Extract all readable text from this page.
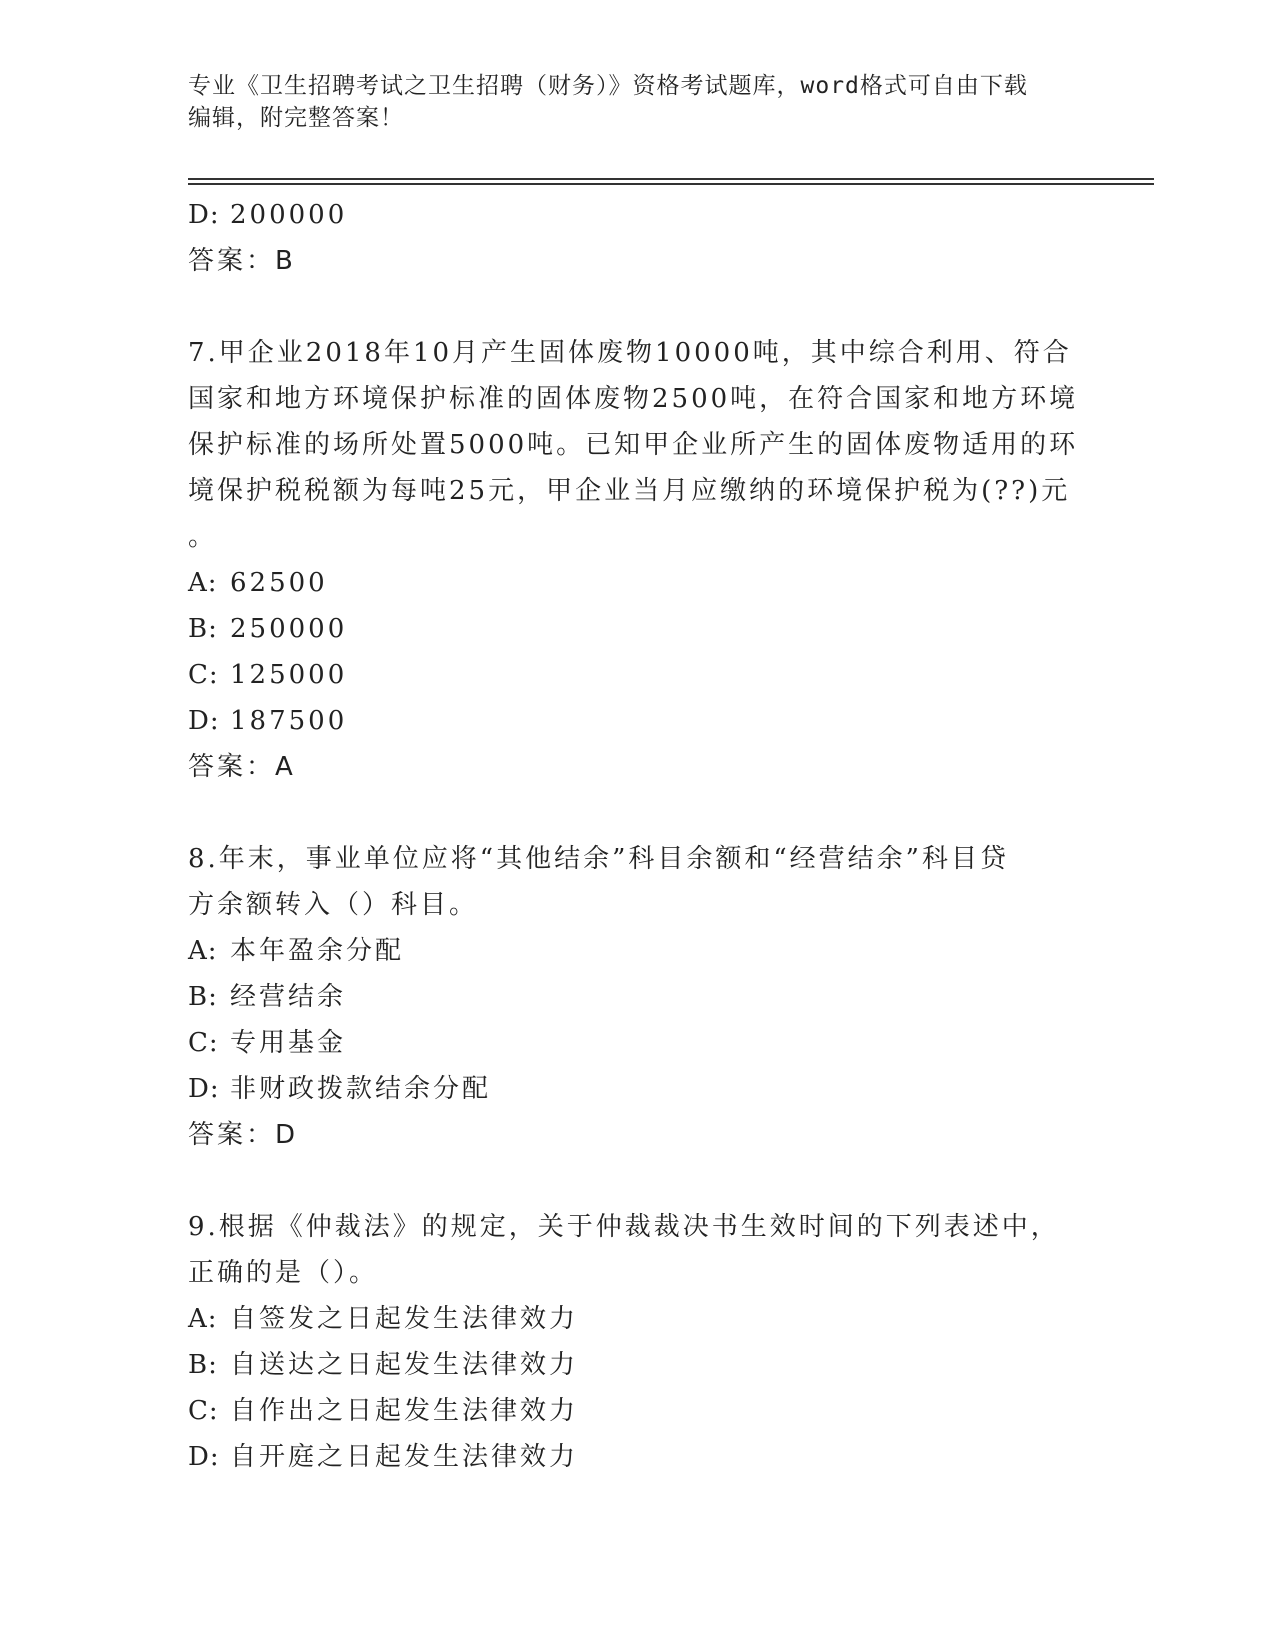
专业《卫生招聘考试之卫生招聘（财务）》资格考试题库，word格式可自由下载

编辑，附完整答案！

D: 200000
答案：B
7.甲企业2018年10月产生固体废物10000吨，其中综合利用、符合
国家和地方环境保护标准的固体废物2500吨，在符合国家和地方环境
保护标准的场所处置5000吨。已知甲企业所产生的固体废物适用的环
境保护税税额为每吨25元，甲企业当月应缴纳的环境保护税为(??)元
。
A: 62500
B: 250000
C: 125000
D: 187500
答案：A
8.年末，事业单位应将“其他结余”科目余额和“经营结余”科目贷
方余额转入（）科目。
A: 本年盈余分配
B: 经营结余
C: 专用基金
D: 非财政拨款结余分配
答案：D
9.根据《仲裁法》的规定，关于仲裁裁决书生效时间的下列表述中，
正确的是（）。
A: 自签发之日起发生法律效力
B: 自送达之日起发生法律效力
C: 自作出之日起发生法律效力
D: 自开庭之日起发生法律效力
